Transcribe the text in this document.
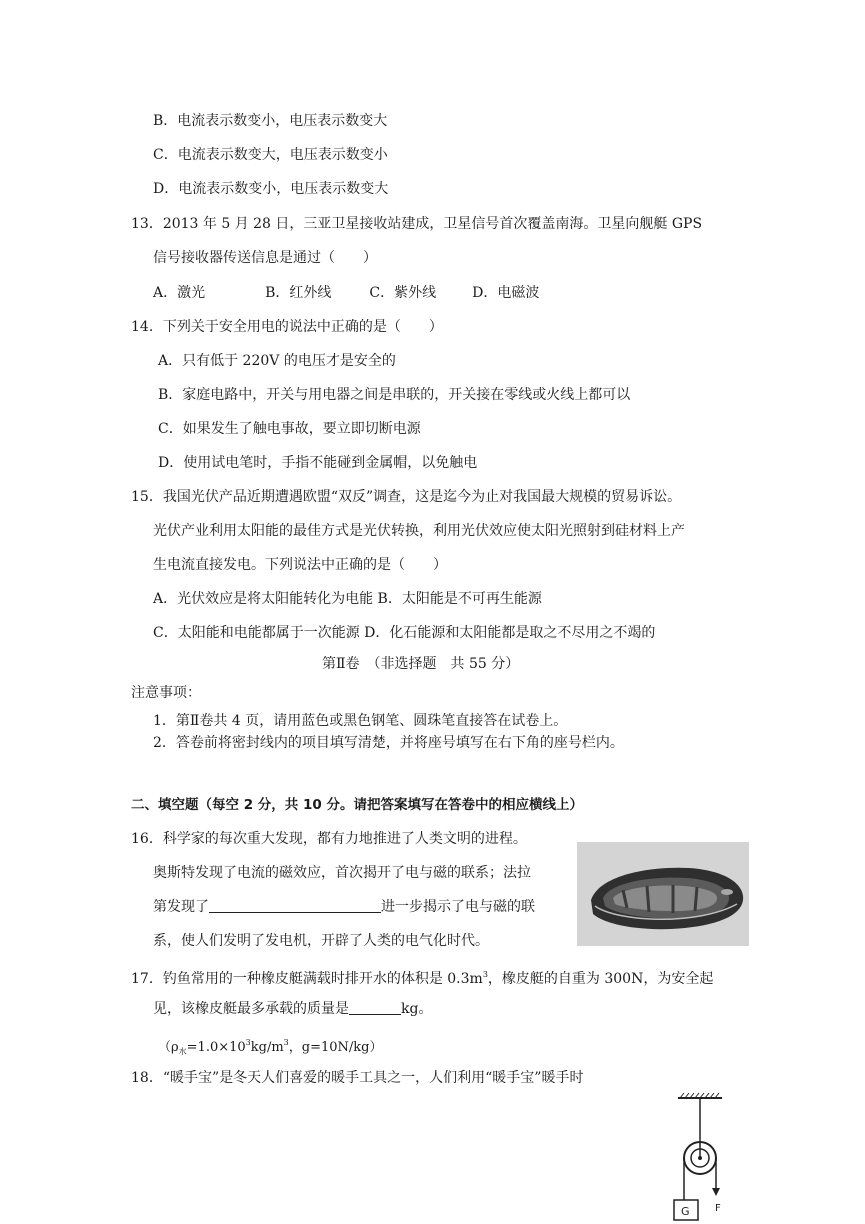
B．电流表示数变小，电压表示数变大
C．电流表示数变大，电压表示数变小
D．电流表示数变小，电压表示数变大
13．2013 年 5 月 28 日，三亚卫星接收站建成，卫星信号首次覆盖南海。卫星向舰艇 GPS
信号接收器传送信息是通过（　　）
A．激光	B．红外线	C．紫外线	D．电磁波
14．下列关于安全用电的说法中正确的是（　　）
A．只有低于 220V 的电压才是安全的
B．家庭电路中，开关与用电器之间是串联的，开关接在零线或火线上都可以
C．如果发生了触电事故，要立即切断电源
D．使用试电笔时，手指不能碰到金属帽，以免触电
15．我国光伏产品近期遭遇欧盟“双反”调查，这是迄今为止对我国最大规模的贸易诉讼。
光伏产业利用太阳能的最佳方式是光伏转换，利用光伏效应使太阳光照射到硅材料上产
生电流直接发电。下列说法中正确的是（　　）
A．光伏效应是将太阳能转化为电能 B．太阳能是不可再生能源
C．太阳能和电能都属于一次能源 D．化石能源和太阳能都是取之不尽用之不竭的
第Ⅱ卷　（非选择题　共 55 分）
注意事项：
1．第Ⅱ卷共 4 页，请用蓝色或黑色钢笔、圆珠笔直接答在试卷上。
2．答卷前将密封线内的项目填写清楚，并将座号填写在右下角的座号栏内。
二、填空题（每空 2 分，共 10 分。请把答案填写在答卷中的相应横线上）
16．科学家的每次重大发现，都有力地推进了人类文明的进程。
奥斯特发现了电流的磁效应，首次揭开了电与磁的联系；法拉
第发现了	进一步揭示了电与磁的联
系，使人们发明了发电机，开辟了人类的电气化时代。
17．钓鱼常用的一种橡皮艇满载时排开水的体积是 $0.3m^3$，橡皮艇的自重为 300N，为安全起
见，该橡皮艇最多承载的质量是	kg。
（$\rho_水=1.0\times 10^3kg/m^3$，g=10N/kg）
18．“暖手宝”是冬天人们喜爱的暖手工具之一，人们利用“暖手宝”暖手时
F
G
